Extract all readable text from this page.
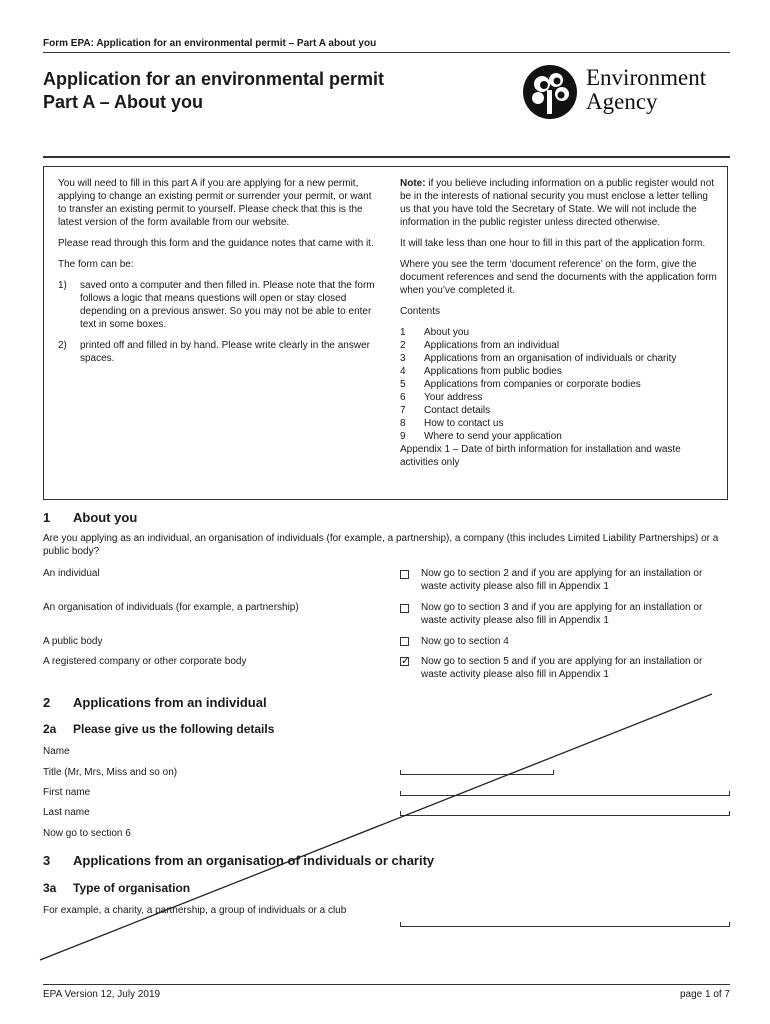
Form EPA: Application for an environmental permit – Part A about you
Application for an environmental permit
Part A – About you
Environment
Agency

You will need to fill in this part A if you are applying for a new permit, applying to change an existing permit or surrender your permit, or want to transfer an existing permit to yourself. Please check that this is the latest version of the form available from our website.

Please read through this form and the guidance notes that came with it.

The form can be:

1)	saved onto a computer and then filled in. Please note that the form follows a logic that means questions will open or stay closed depending on a previous answer. So you may not be able to enter text in some boxes.
2)	printed off and filled in by hand. Please write clearly in the answer spaces.

Note: if you believe including information on a public register would not be in the interests of national security you must enclose a letter telling us that you have told the Secretary of State. We will not include the information in the public register unless directed otherwise.

It will take less than one hour to fill in this part of the application form.

Where you see the term ‘document reference’ on the form, give the document references and send the documents with the application form when you’ve completed it.

Contents

1	About you
2	Applications from an individual
3	Applications from an organisation of individuals or charity
4	Applications from public bodies
5	Applications from companies or corporate bodies
6	Your address
7	Contact details
8	How to contact us
9	Where to send your application
Appendix 1 – Date of birth information for installation and waste activities only
1 About you
Are you applying as an individual, an organisation of individuals (for example, a partnership), a company (this includes Limited Liability Partnerships) or a public body?
An individual	Now go to section 2 and if you are applying for an installation or waste activity please also fill in Appendix 1
An organisation of individuals (for example, a partnership)	Now go to section 3 and if you are applying for an installation or waste activity please also fill in Appendix 1
A public body	Now go to section 4
A registered company or other corporate body
✓	Now go to section 5 and if you are applying for an installation or waste activity please also fill in Appendix 1
2 Applications from an individual
2a Please give us the following details
Name
Title (Mr, Mrs, Miss and so on)
First name
Last name
Now go to section 6
3 Applications from an organisation of individuals or charity
3a Type of organisation
For example, a charity, a partnership, a group of individuals or a club
EPA Version 12, July 2019	page 1 of 7
